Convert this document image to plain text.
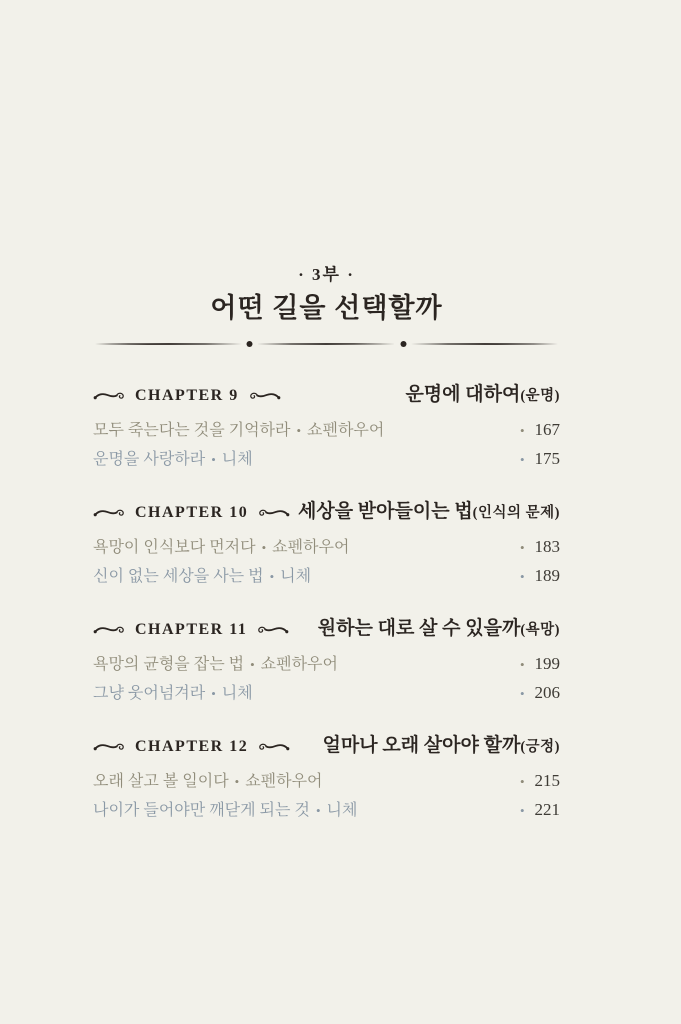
· 3부 ·
어떤 길을 선택할까
CHAPTER 9	운명에 대하여(운명)
모두 죽는다는 것을 기억하라 • 쇼펜하우어	• 167
운명을 사랑하라 • 니체	• 175
CHAPTER 10	세상을 받아들이는 법(인식의 문제)
욕망이 인식보다 먼저다 • 쇼펜하우어	• 183
신이 없는 세상을 사는 법 • 니체	• 189
CHAPTER 11	원하는 대로 살 수 있을까(욕망)
욕망의 균형을 잡는 법 • 쇼펜하우어	• 199
그냥 웃어넘겨라 • 니체	• 206
CHAPTER 12	얼마나 오래 살아야 할까(긍정)
오래 살고 볼 일이다 • 쇼펜하우어	• 215
나이가 들어야만 깨닫게 되는 것 • 니체	• 221
